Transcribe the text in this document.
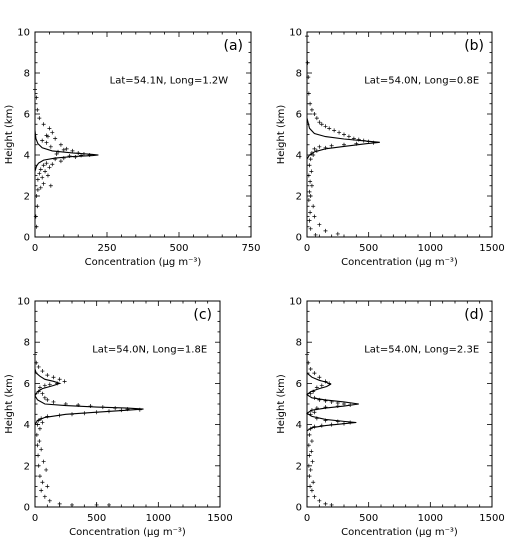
0	250	500	750
0
2
4
6
8
10
Concentration (μg m⁻³)
Height (km)
(a)
Lat=54.1N, Long=1.2W
0	500	1000	1500
0
2
4
6
8
10
Concentration (μg m⁻³)
Height (km)
(b)
Lat=54.0N, Long=0.8E
0	500	1000	1500
0
2
4
6
8
10
Concentration (μg m⁻³)
Height (km)
(c)
Lat=54.0N, Long=1.8E
0	500	1000	1500
0
2
4
6
8
10
Concentration (μg m⁻³)
Height (km)
(d)
Lat=54.0N, Long=2.3E
